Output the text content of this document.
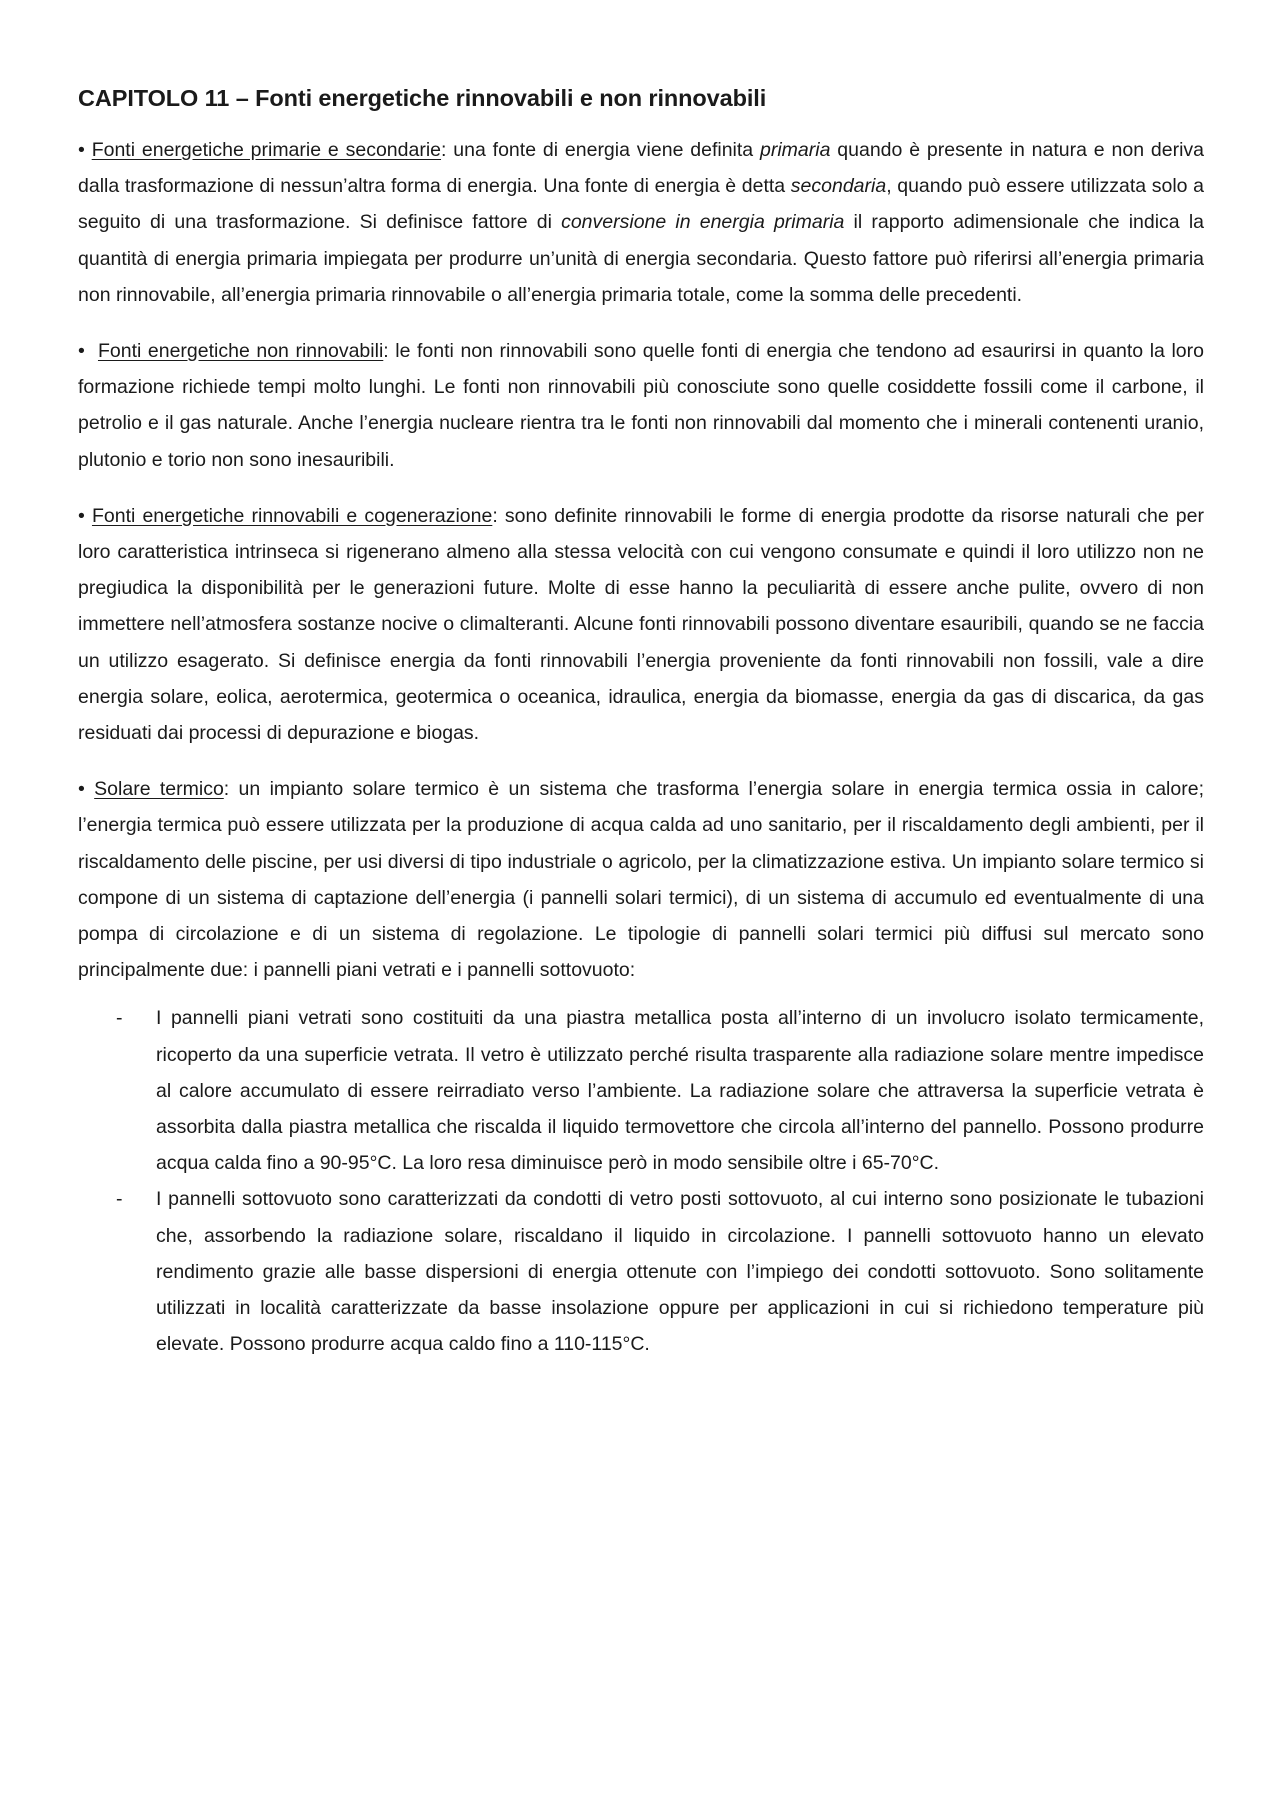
CAPITOLO 11 – Fonti energetiche rinnovabili e non rinnovabili

• Fonti energetiche primarie e secondarie: una fonte di energia viene definita primaria quando è presente in natura e non deriva dalla trasformazione di nessun’altra forma di energia. Una fonte di energia è detta secondaria, quando può essere utilizzata solo a seguito di una trasformazione. Si definisce fattore di conversione in energia primaria il rapporto adimensionale che indica la quantità di energia primaria impiegata per produrre un’unità di energia secondaria. Questo fattore può riferirsi all’energia primaria non rinnovabile, all’energia primaria rinnovabile o all’energia primaria totale, come la somma delle precedenti.

• Fonti energetiche non rinnovabili: le fonti non rinnovabili sono quelle fonti di energia che tendono ad esaurirsi in quanto la loro formazione richiede tempi molto lunghi. Le fonti non rinnovabili più conosciute sono quelle cosiddette fossili come il carbone, il petrolio e il gas naturale. Anche l’energia nucleare rientra tra le fonti non rinnovabili dal momento che i minerali contenenti uranio, plutonio e torio non sono inesauribili.

• Fonti energetiche rinnovabili e cogenerazione: sono definite rinnovabili le forme di energia prodotte da risorse naturali che per loro caratteristica intrinseca si rigenerano almeno alla stessa velocità con cui vengono consumate e quindi il loro utilizzo non ne pregiudica la disponibilità per le generazioni future. Molte di esse hanno la peculiarità di essere anche pulite, ovvero di non immettere nell’atmosfera sostanze nocive o climalteranti. Alcune fonti rinnovabili possono diventare esauribili, quando se ne faccia un utilizzo esagerato. Si definisce energia da fonti rinnovabili l’energia proveniente da fonti rinnovabili non fossili, vale a dire energia solare, eolica, aerotermica, geotermica o oceanica, idraulica, energia da biomasse, energia da gas di discarica, da gas residuati dai processi di depurazione e biogas.

• Solare termico: un impianto solare termico è un sistema che trasforma l’energia solare in energia termica ossia in calore; l’energia termica può essere utilizzata per la produzione di acqua calda ad uno sanitario, per il riscaldamento degli ambienti, per il riscaldamento delle piscine, per usi diversi di tipo industriale o agricolo, per la climatizzazione estiva. Un impianto solare termico si compone di un sistema di captazione dell’energia (i pannelli solari termici), di un sistema di accumulo ed eventualmente di una pompa di circolazione e di un sistema di regolazione. Le tipologie di pannelli solari termici più diffusi sul mercato sono principalmente due: i pannelli piani vetrati e i pannelli sottovuoto:

- I pannelli piani vetrati sono costituiti da una piastra metallica posta all’interno di un involucro isolato termicamente, ricoperto da una superficie vetrata. Il vetro è utilizzato perché risulta trasparente alla radiazione solare mentre impedisce al calore accumulato di essere reirradiato verso l’ambiente. La radiazione solare che attraversa la superficie vetrata è assorbita dalla piastra metallica che riscalda il liquido termovettore che circola all’interno del pannello. Possono produrre acqua calda fino a 90-95°C. La loro resa diminuisce però in modo sensibile oltre i 65-70°C.
- I pannelli sottovuoto sono caratterizzati da condotti di vetro posti sottovuoto, al cui interno sono posizionate le tubazioni che, assorbendo la radiazione solare, riscaldano il liquido in circolazione. I pannelli sottovuoto hanno un elevato rendimento grazie alle basse dispersioni di energia ottenute con l’impiego dei condotti sottovuoto. Sono solitamente utilizzati in località caratterizzate da basse insolazione oppure per applicazioni in cui si richiedono temperature più elevate. Possono produrre acqua caldo fino a 110-115°C.
